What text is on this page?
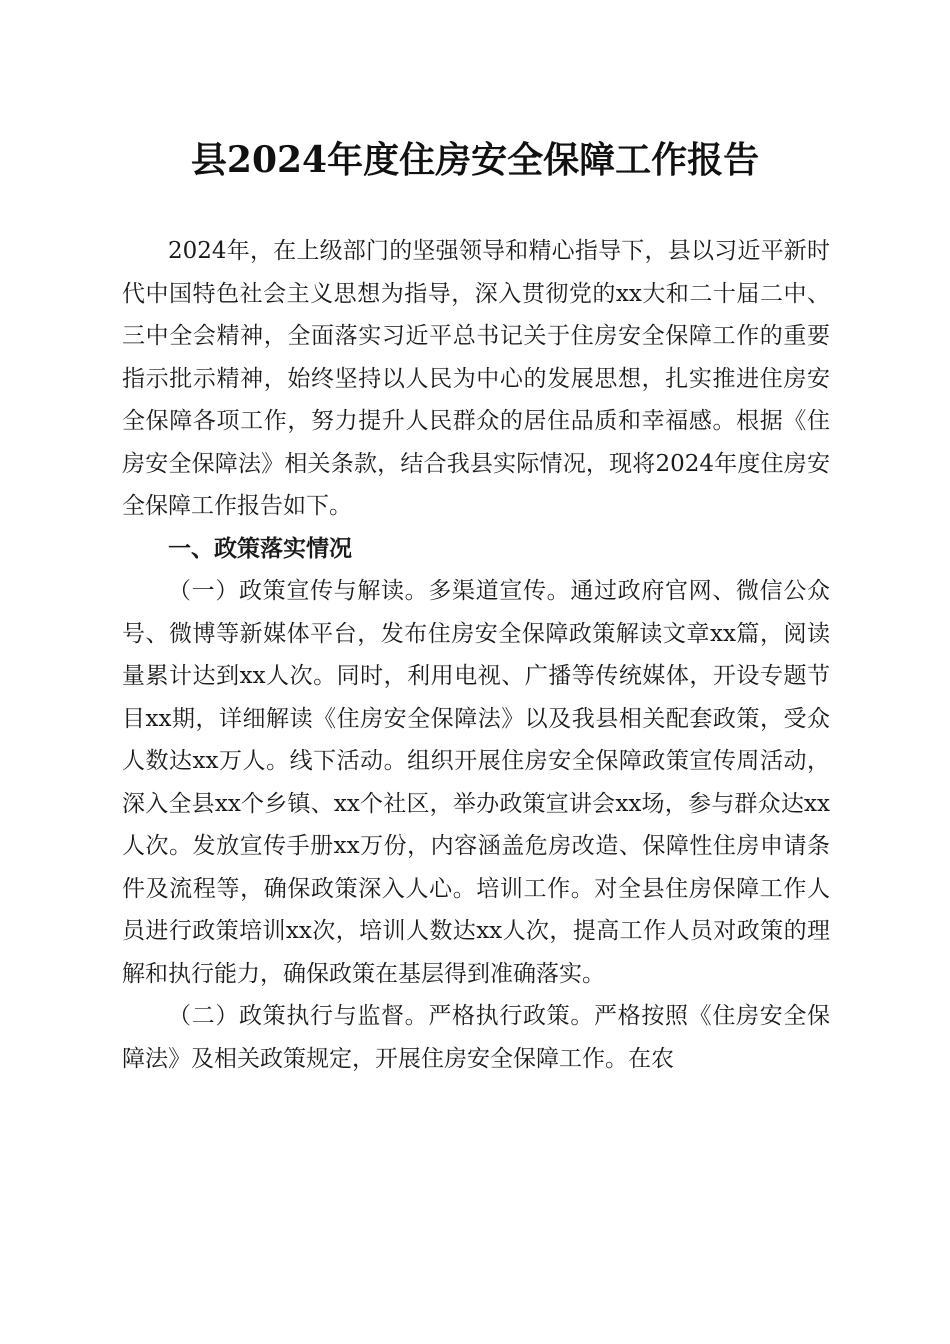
县2024年度住房安全保障工作报告

2024年，在上级部门的坚强领导和精心指导下，县以习近平新时代中国特色社会主义思想为指导，深入贯彻党的xx大和二十届二中、三中全会精神，全面落实习近平总书记关于住房安全保障工作的重要指示批示精神，始终坚持以人民为中心的发展思想，扎实推进住房安全保障各项工作，努力提升人民群众的居住品质和幸福感。根据《住房安全保障法》相关条款，结合我县实际情况，现将2024年度住房安全保障工作报告如下。

一、政策落实情况

（一）政策宣传与解读。多渠道宣传。通过政府官网、微信公众号、微博等新媒体平台，发布住房安全保障政策解读文章xx篇，阅读量累计达到xx人次。同时，利用电视、广播等传统媒体，开设专题节目xx期，详细解读《住房安全保障法》以及我县相关配套政策，受众人数达xx万人。线下活动。组织开展住房安全保障政策宣传周活动，深入全县xx个乡镇、xx个社区，举办政策宣讲会xx场，参与群众达xx人次。发放宣传手册xx万份，内容涵盖危房改造、保障性住房申请条件及流程等，确保政策深入人心。培训工作。对全县住房保障工作人员进行政策培训xx次，培训人数达xx人次，提高工作人员对政策的理解和执行能力，确保政策在基层得到准确落实。

（二）政策执行与监督。严格执行政策。严格按照《住房安全保障法》及相关政策规定，开展住房安全保障工作。在农
